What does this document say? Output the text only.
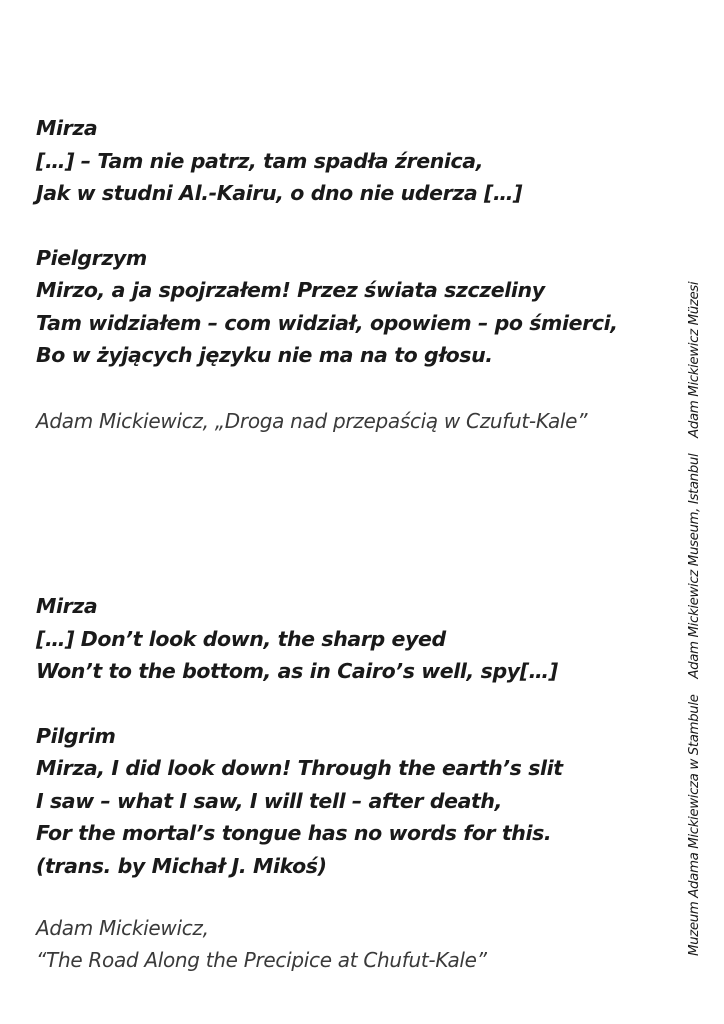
Mirza
[…] – Tam nie patrz, tam spadła źrenica,
Jak w studni Al.-Kairu, o dno nie uderza […]
Pielgrzym
Mirzo, a ja spojrzałem! Przez świata szczeliny
Tam widziałem – com widział, opowiem – po śmierci,
Bo w żyjących języku nie ma na to głosu.

Adam Mickiewicz, „Droga nad przepaścią w Czufut-Kale”

Mirza
[…] Don’t look down, the sharp eyed
Won’t to the bottom, as in Cairo’s well, spy[…]
Pilgrim
Mirza, I did look down! Through the earth’s slit
I saw – what I saw, I will tell – after death,
For the mortal’s tongue has no words for this.
(trans. by Michał J. Mikoś)

Adam Mickiewicz,
“The Road Along the Precipice at Chufut-Kale”

Muzeum Adama Mickiewicza w Stambule Adam Mickiewicz Museum, Istanbul Adam Mickiewicz Müzesi
